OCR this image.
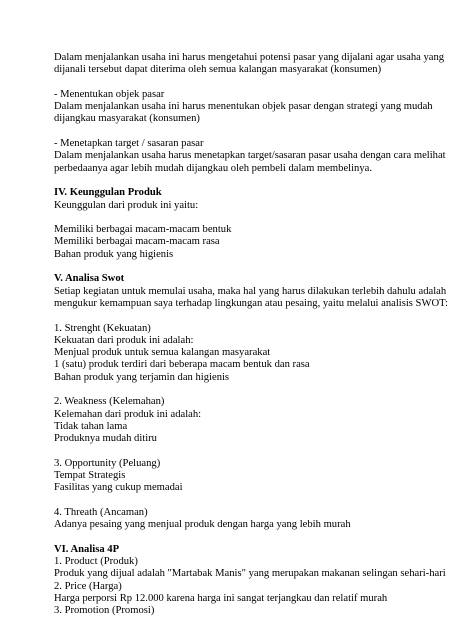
Dalam menjalankan usaha ini harus mengetahui potensi pasar yang dijalani agar usaha yang
dijanali tersebut dapat diterima oleh semua kalangan masyarakat (konsumen)
- Menentukan objek pasar
Dalam menjalankan usaha ini harus menentukan objek pasar dengan strategi yang mudah
dijangkau masyarakat (konsumen)
- Menetapkan target / sasaran pasar
Dalam menjalankan usaha harus menetapkan target/sasaran pasar usaha dengan cara melihat
perbedaanya agar lebih mudah dijangkau oleh pembeli dalam membelinya.
IV. Keunggulan Produk
Keunggulan dari produk ini yaitu:
Memiliki berbagai macam-macam bentuk
Memiliki berbagai macam-macam rasa
Bahan produk yang higienis
V. Analisa Swot
Setiap kegiatan untuk memulai usaha, maka hal yang harus dilakukan terlebih dahulu adalah
mengukur kemampuan saya terhadap lingkungan atau pesaing, yaitu melalui analisis SWOT:
1. Strenght (Kekuatan)
Kekuatan dari produk ini adalah:
Menjual produk untuk semua kalangan masyarakat
1 (satu) produk terdiri dari beberapa macam bentuk dan rasa
Bahan produk yang terjamin dan higienis
2. Weakness (Kelemahan)
Kelemahan dari produk ini adalah:
Tidak tahan lama
Produknya mudah ditiru
3. Opportunity (Peluang)
Tempat Strategis
Fasilitas yang cukup memadai
4. Threath (Ancaman)
Adanya pesaing yang menjual produk dengan harga yang lebih murah
VI. Analisa 4P
1. Product (Produk)
Produk yang dijual adalah "Martabak Manis" yang merupakan makanan selingan sehari-hari
2. Price (Harga)
Harga perporsi Rp 12.000 karena harga ini sangat terjangkau dan relatif murah
3. Promotion (Promosi)
